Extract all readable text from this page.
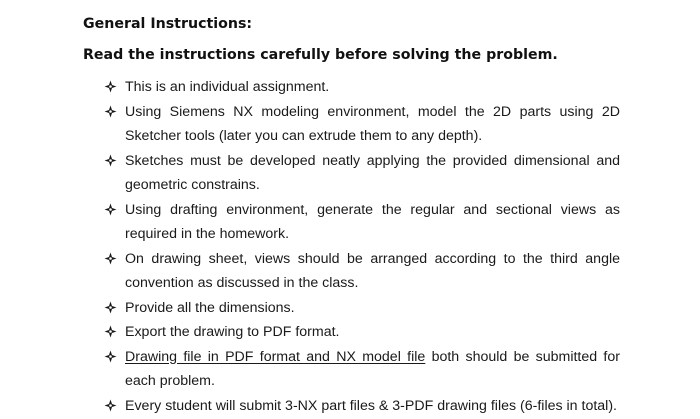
General Instructions:
Read the instructions carefully before solving the problem.
This is an individual assignment.
Using Siemens NX modeling environment, model the 2D parts using 2D Sketcher tools (later you can extrude them to any depth).
Sketches must be developed neatly applying the provided dimensional and geometric constrains.
Using drafting environment, generate the regular and sectional views as required in the homework.
On drawing sheet, views should be arranged according to the third angle convention as discussed in the class.
Provide all the dimensions.
Export the drawing to PDF format.
Drawing file in PDF format and NX model file both should be submitted for each problem.
Every student will submit 3-NX part files & 3-PDF drawing files (6-files in total).
